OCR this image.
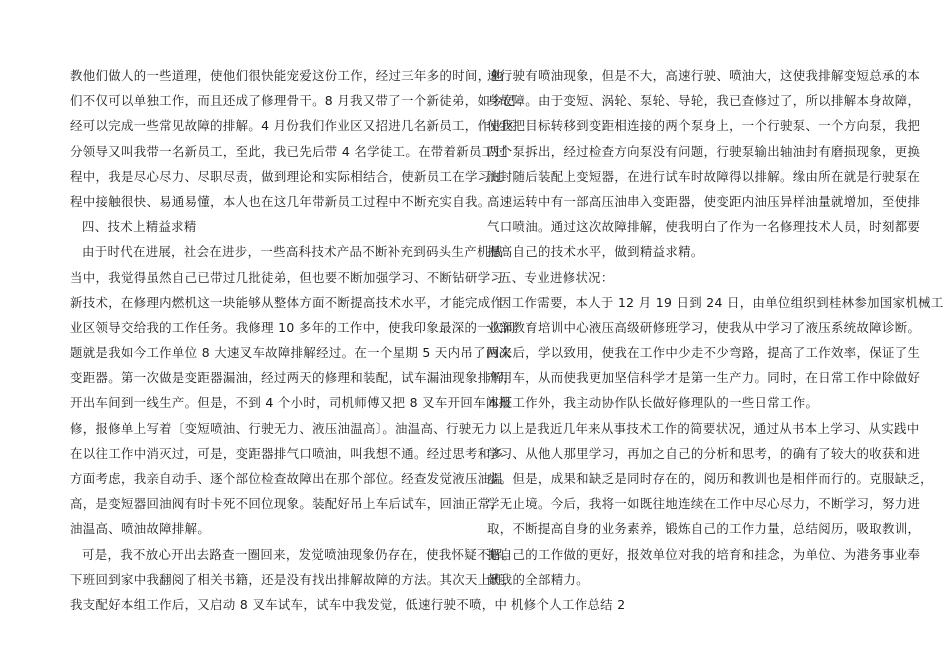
教他们做人的一些道理，使他们很快能宠爱这份工作，经过三年多的时间，他
们不仅可以单独工作，而且还成了修理骨干。8 月我又带了一个新徒弟，如今已
经可以完成一些常见故障的排解。4 月份我们作业区又招进几名新员工，作业区
分领导又叫我带一名新员工，至此，我已先后带 4 名学徒工。在带着新员工过
程中，我是尽心尽力、尽职尽责，做到理论和实际相结合，使新员工在学习过
程中接触很快、易通易懂，本人也在这几年带新员工过程中不断充实自我。
四、技术上精益求精
由于时代在进展，社会在进步，一些高科技术产品不断补充到码头生产机械
当中，我觉得虽然自己已带过几批徒弟，但也要不断加强学习、不断钻研学习
新技术，在修理内燃机这一块能够从整体方面不断提高技术水平，才能完成作
业区领导交给我的工作任务。我修理 10 多年的工作中，使我印象最深的一次问
题就是我如今工作单位 8 大速叉车故障排解经过。在一个星期 5 天内吊了两次
变距器。第一次做是变距器漏油，经过两天的修理和装配，试车漏油现象排解，
开出车间到一线生产。但是，不到 4 个小时，司机师傅又把 8 叉车开回车间报
修，报修单上写着〔变短喷油、行驶无力、液压油温高〕。油温高、行驶无力
在以往工作中消灭过，可是，变距器排气口喷油，叫我想不通。经过思考和多
方面考虑，我亲自动手、逐个部位检查故障出在那个部位。经查发觉液压油温
高，是变短器回油阀有时卡死不回位现象。装配好吊上车后试车，回油正常，
油温高、喷油故障排解。
可是，我不放心开出去路查一圈回来，发觉喷油现象仍存在，使我怀疑不解。
下班回到家中我翻阅了相关书籍，还是没有找出排解故障的方法。其次天上班，
我支配好本组工作后，又启动 8 叉车试车，试车中我发觉，低速行驶不喷，中
速行驶有喷油现象，但是不大，高速行驶、喷油大，这使我排解变短总承的本
身故障。由于变短、涡轮、泵轮、导轮，我已查修过了，所以排解本身故障，
使我把目标转移到变距相连接的两个泵身上，一个行驶泵、一个方向泵，我把
两个泵拆出，经过检查方向泵没有问题，行驶泵输出轴油封有磨损现象，更换
油封随后装配上变短器，在进行试车时故障得以排解。缘由所在就是行驶泵在
高速运转中有一部高压油串入变距器，使变距内油压异样油量就增加，至使排
气口喷油。通过这次故障排解，使我明白了作为一名修理技术人员，时刻都要
提高自己的技术水平，做到精益求精。
五、专业进修状况：
因工作需要，本人于 12 月 19 日到 24 日，由单位组织到桂林参加国家机械工
业部教育培训中心液压高级研修班学习，使我从中学习了液压系统故障诊断。
回来后，学以致用，使我在工作中少走不少弯路，提高了工作效率，保证了生
产用车，从而使我更加坚信科学才是第一生产力。同时，在日常工作中除做好
本班工作外，我主动协作队长做好修理队的一些日常工作。
以上是我近几年来从事技术工作的简要状况，通过从书本上学习、从实践中
学习、从他人那里学习，再加之自己的分析和思考，的确有了较大的收获和进
步。但是，成果和缺乏是同时存在的，阅历和教训也是相伴而行的。克服缺乏，
学无止境。今后，我将一如既往地连续在工作中尽心尽力，不断学习，努力进
取，不断提高自身的业务素养，锻炼自己的工作力量，总结阅历，吸取教训，
把自己的工作做的更好，报效单位对我的培育和挂念，为单位、为港务事业奉
献我的全部精力。
机修个人工作总结 2
